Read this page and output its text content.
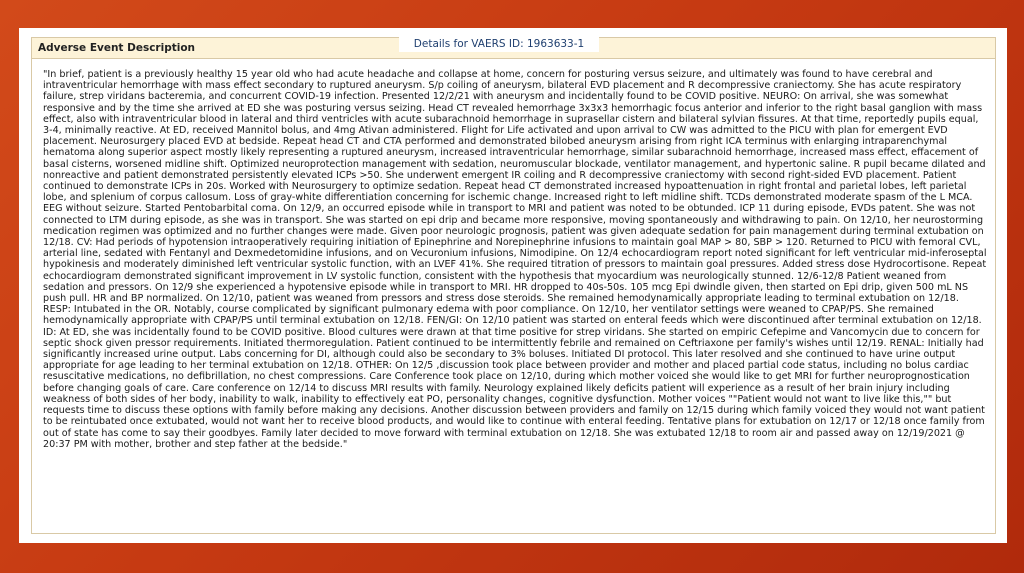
Adverse Event Description
"In brief, patient is a previously healthy 15 year old who had acute headache and collapse at home, concern for posturing versus seizure, and ultimately was found to have cerebral and intraventricular hemorrhage with mass effect secondary to ruptured aneurysm. S/p coiling of aneurysm, bilateral EVD placement and R decompressive craniectomy. She has acute respiratory failure, strep viridans bacteremia, and concurrent COVID-19 infection. Presented 12/2/21 with aneurysm and incidentally found to be COVID positive. NEURO: On arrival, she was somewhat responsive and by the time she arrived at ED she was posturing versus seizing. Head CT revealed hemorrhage 3x3x3 hemorrhagic focus anterior and inferior to the right basal ganglion with mass effect, also with intraventricular blood in lateral and third ventricles with acute subarachnoid hemorrhage in suprasellar cistern and bilateral sylvian fissures. At that time, reportedly pupils equal, 3-4, minimally reactive. At ED, received Mannitol bolus, and 4mg Ativan administered. Flight for Life activated and upon arrival to CW was admitted to the PICU with plan for emergent EVD placement. Neurosurgery placed EVD at bedside. Repeat head CT and CTA performed and demonstrated bilobed aneurysm arising from right ICA terminus with enlarging intraparenchymal hematoma along superior aspect mostly likely representing a ruptured aneurysm, increased intraventricular hemorrhage, similar subarachnoid hemorrhage, increased mass effect, effacement of basal cisterns, worsened midline shift. Optimized neuroprotection management with sedation, neuromuscular blockade, ventilator management, and hypertonic saline. R pupil became dilated and nonreactive and patient demonstrated persistently elevated ICPs >50. She underwent emergent IR coiling and R decompressive craniectomy with second right-sided EVD placement. Patient continued to demonstrate ICPs in 20s. Worked with Neurosurgery to optimize sedation. Repeat head CT demonstrated increased hypoattenuation in right frontal and parietal lobes, left parietal lobe, and splenium of corpus callosum. Loss of gray-white differentiation concerning for ischemic change. Increased right to left midline shift. TCDs demonstrated moderate spasm of the L MCA. EEG without seizure. Started Pentobarbital coma. On 12/9, an occurred episode while in transport to MRI and patient was noted to be obtunded. ICP 11 during episode, EVDs patent. She was not connected to LTM during episode, as she was in transport. She was started on epi drip and became more responsive, moving spontaneously and withdrawing to pain. On 12/10, her neurostorming medication regimen was optimized and no further changes were made. Given poor neurologic prognosis, patient was given adequate sedation for pain management during terminal extubation on 12/18. CV: Had periods of hypotension intraoperatively requiring initiation of Epinephrine and Norepinephrine infusions to maintain goal MAP > 80, SBP > 120. Returned to PICU with femoral CVL, arterial line, sedated with Fentanyl and Dexmedetomidine infusions, and on Vecuronium infusions, Nimodipine. On 12/4 echocardiogram report noted significant for left ventricular mid-inferoseptal hypokinesis and moderately diminished left ventricular systolic function, with an LVEF 41%. She required titration of pressors to maintain goal pressures. Added stress dose Hydrocortisone. Repeat echocardiogram demonstrated significant improvement in LV systolic function, consistent with the hypothesis that myocardium was neurologically stunned. 12/6-12/8 Patient weaned from sedation and pressors. On 12/9 she experienced a hypotensive episode while in transport to MRI. HR dropped to 40s-50s. 105 mcg Epi dwindle given, then started on Epi drip, given 500 mL NS push pull. HR and BP normalized. On 12/10, patient was weaned from pressors and stress dose steroids. She remained hemodynamically appropriate leading to terminal extubation on 12/18. RESP: Intubated in the OR. Notably, course complicated by significant pulmonary edema with poor compliance. On 12/10, her ventilator settings were weaned to CPAP/PS. She remained hemodynamically appropriate with CPAP/PS until terminal extubation on 12/18. FEN/GI: On 12/10 patient was started on enteral feeds which were discontinued after terminal extubation on 12/18. ID: At ED, she was incidentally found to be COVID positive. Blood cultures were drawn at that time positive for strep viridans. She started on empiric Cefepime and Vancomycin due to concern for septic shock given pressor requirements. Initiated thermoregulation. Patient continued to be intermittently febrile and remained on Ceftriaxone per family's wishes until 12/19. RENAL: Initially had significantly increased urine output. Labs concerning for DI, although could also be secondary to 3% boluses. Initiated DI protocol. This later resolved and she continued to have urine output appropriate for age leading to her terminal extubation on 12/18. OTHER: On 12/5 ,discussion took place between provider and mother and placed partial code status, including no bolus cardiac resuscitative medications, no defibrillation, no chest compressions. Care Conference took place on 12/10, during which mother voiced she would like to get MRI for further neuroprognostication before changing goals of care. Care conference on 12/14 to discuss MRI results with family. Neurology explained likely deficits patient will experience as a result of her brain injury including weakness of both sides of her body, inability to walk, inability to effectively eat PO, personality changes, cognitive dysfunction. Mother voices ""Patient would not want to live like this,"" but requests time to discuss these options with family before making any decisions. Another discussion between providers and family on 12/15 during which family voiced they would not want patient to be reintubated once extubated, would not want her to receive blood products, and would like to continue with enteral feeding. Tentative plans for extubation on 12/17 or 12/18 once family from out of state has come to say their goodbyes. Family later decided to move forward with terminal extubation on 12/18. She was extubated 12/18 to room air and passed away on 12/19/2021 @ 20:37 PM with mother, brother and step father at the bedside."
Details for VAERS ID: 1963633-1
